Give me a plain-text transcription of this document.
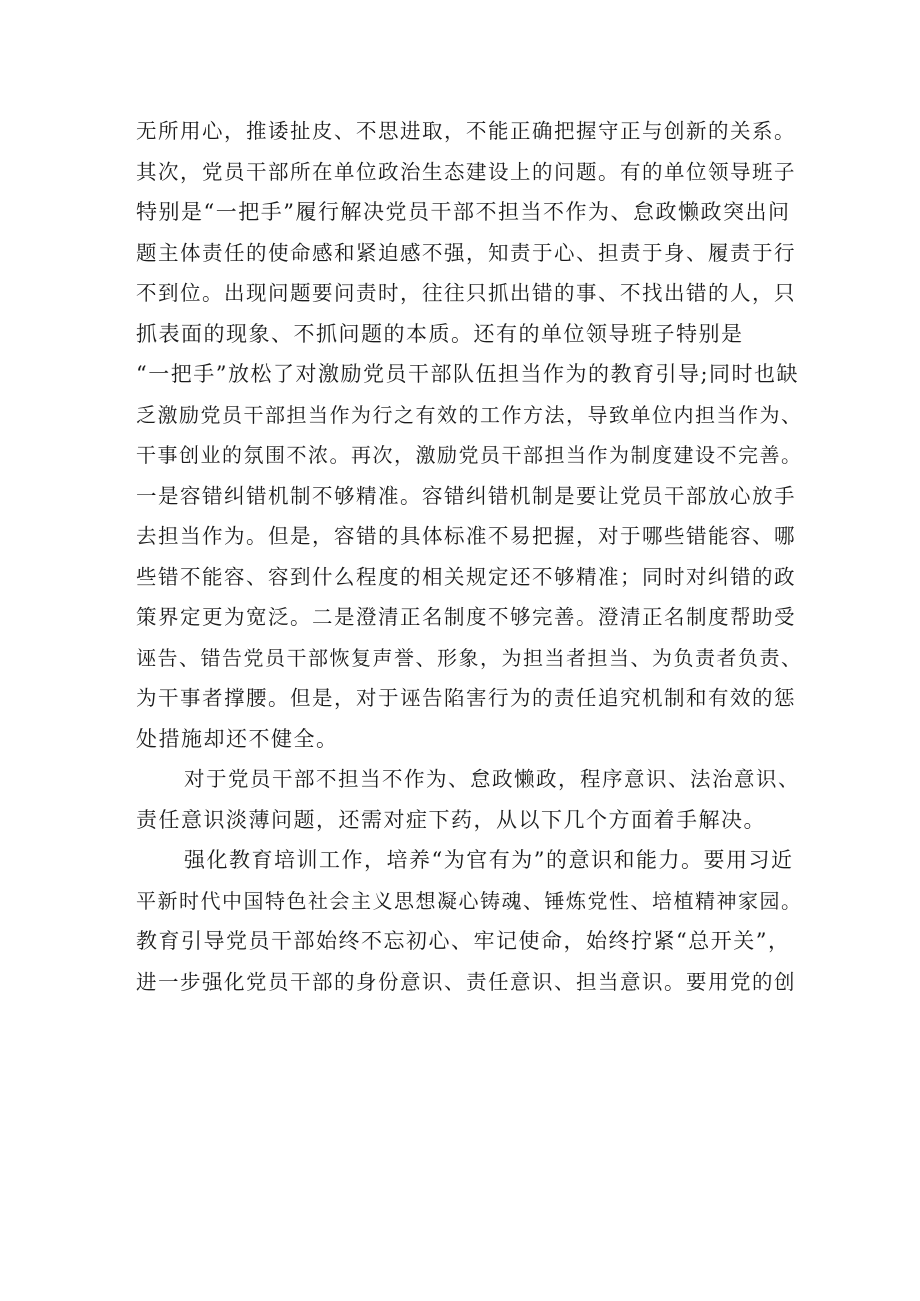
无所用心，推诿扯皮、不思进取，不能正确把握守正与创新的关系。
其次，党员干部所在单位政治生态建设上的问题。有的单位领导班子
特别是“一把手”履行解决党员干部不担当不作为、怠政懒政突出问
题主体责任的使命感和紧迫感不强，知责于心、担责于身、履责于行
不到位。出现问题要问责时，往往只抓出错的事、不找出错的人，只
抓表面的现象、不抓问题的本质。还有的单位领导班子特别是
“一把手”放松了对激励党员干部队伍担当作为的教育引导;同时也缺
乏激励党员干部担当作为行之有效的工作方法，导致单位内担当作为、
干事创业的氛围不浓。再次，激励党员干部担当作为制度建设不完善。
一是容错纠错机制不够精准。容错纠错机制是要让党员干部放心放手
去担当作为。但是，容错的具体标准不易把握，对于哪些错能容、哪
些错不能容、容到什么程度的相关规定还不够精准；同时对纠错的政
策界定更为宽泛。二是澄清正名制度不够完善。澄清正名制度帮助受
诬告、错告党员干部恢复声誉、形象，为担当者担当、为负责者负责、
为干事者撑腰。但是，对于诬告陷害行为的责任追究机制和有效的惩
处措施却还不健全。
对于党员干部不担当不作为、怠政懒政，程序意识、法治意识、
责任意识淡薄问题，还需对症下药，从以下几个方面着手解决。
强化教育培训工作，培养“为官有为”的意识和能力。要用习近
平新时代中国特色社会主义思想凝心铸魂、锤炼党性、培植精神家园。
教育引导党员干部始终不忘初心、牢记使命，始终拧紧“总开关”，
进一步强化党员干部的身份意识、责任意识、担当意识。要用党的创
